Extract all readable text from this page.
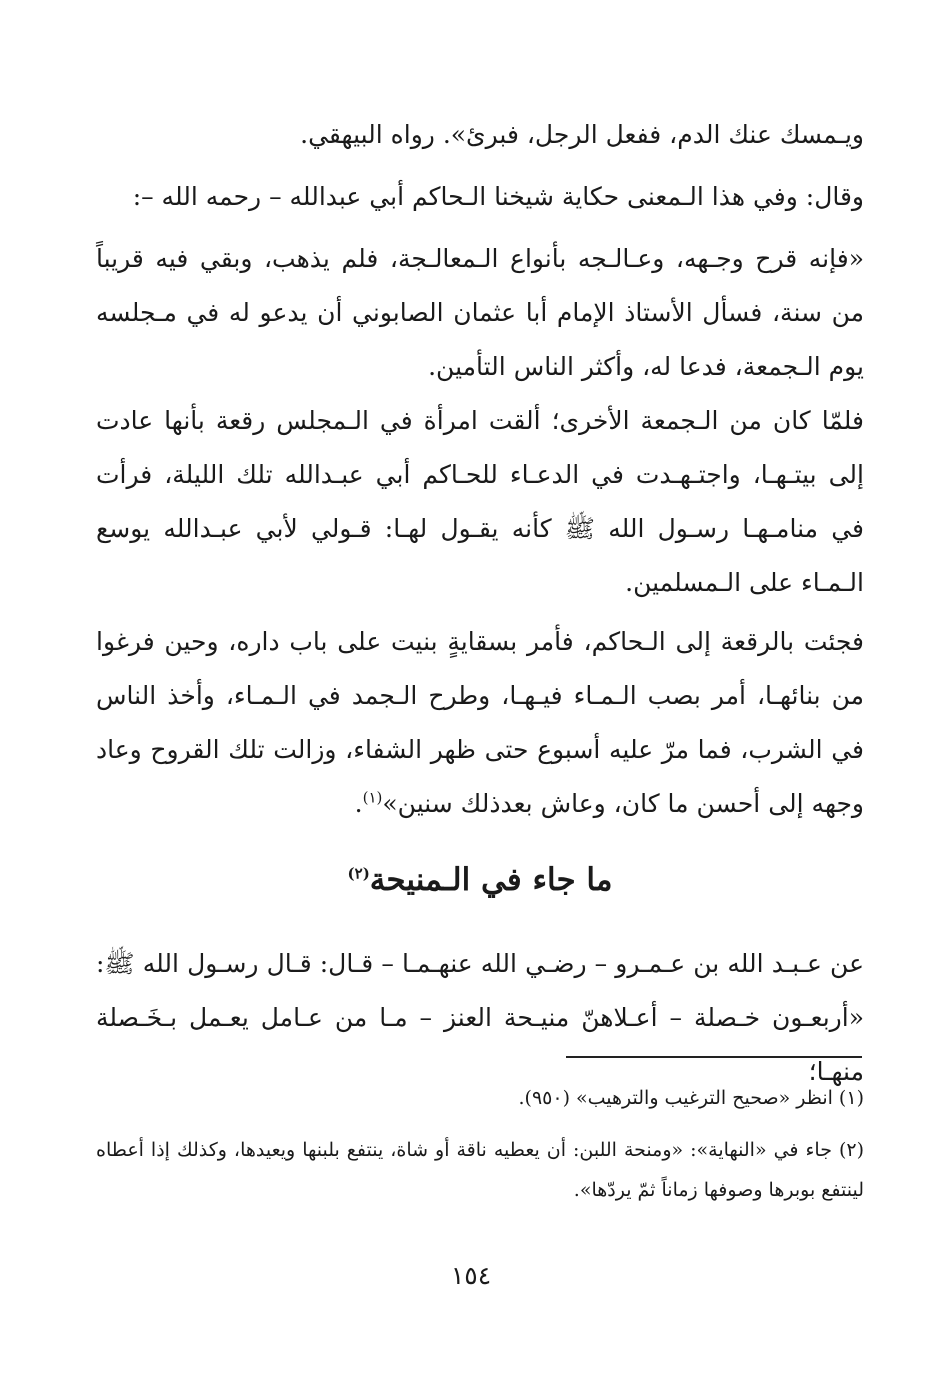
ويـمسك عنك الدم، ففعل الرجل، فبرئ». رواه البيهقي.

وقال: وفي هذا الـمعنى حكاية شيخنا الـحاكم أبي عبدالله – رحمه الله –:

«فإنه قرح وجـهه، وعـالـجه بأنواع الـمعالـجة، فلم يذهب، وبقي فيه قريباً من سنة، فسأل الأستاذ الإمام أبا عثمان الصابوني أن يدعو له في مـجلسه يوم الـجمعة، فدعا له، وأكثر الناس التأمين.

فلمّا كان من الـجمعة الأخرى؛ ألقت امرأة في الـمجلس رقعة بأنها عادت إلى بيتـهـا، واجتـهـدت في الدعـاء للحـاكم أبي عبـدالله تلك الليلة، فرأت في منامـهـا رسـول الله ﷺ كأنه يقـول لهـا: قـولي لأبي عبـدالله يوسع الـمـاء على الـمسلمين.

فجئت بالرقعة إلى الـحاكم، فأمر بسقايةٍ بنيت على باب داره، وحين فرغوا من بنائهـا، أمر بصب الـمـاء فيـهـا، وطرح الـجمد في الـمـاء، وأخذ الناس في الشرب، فما مرّ عليه أسبوع حتى ظهر الشفاء، وزالت تلك القروح وعاد وجهه إلى أحسن ما كان، وعاش بعدذلك سنين»$^{(١)}$.

ما جاء في الـمنيحة$^{(٢)}$

عن عـبـد الله بن عـمـرو – رضـي الله عنهـمـا – قـال: قـال رسـول الله ﷺ: «أربعـون خـصلة – أعـلاهنّ منيـحة العنز – مـا من عـامل يعـمل بـخَـصلة منهـا؛

(١) انظر «صحيح الترغيب والترهيب» (٩٥٠).
(٢) جاء في «النهاية»: «ومنحة اللبن: أن يعطيه ناقة أو شاة، ينتفع بلبنها ويعيدها، وكذلك إذا أعطاه لينتفع بوبرها وصوفها زماناً ثمّ يردّها».
١٥٤
